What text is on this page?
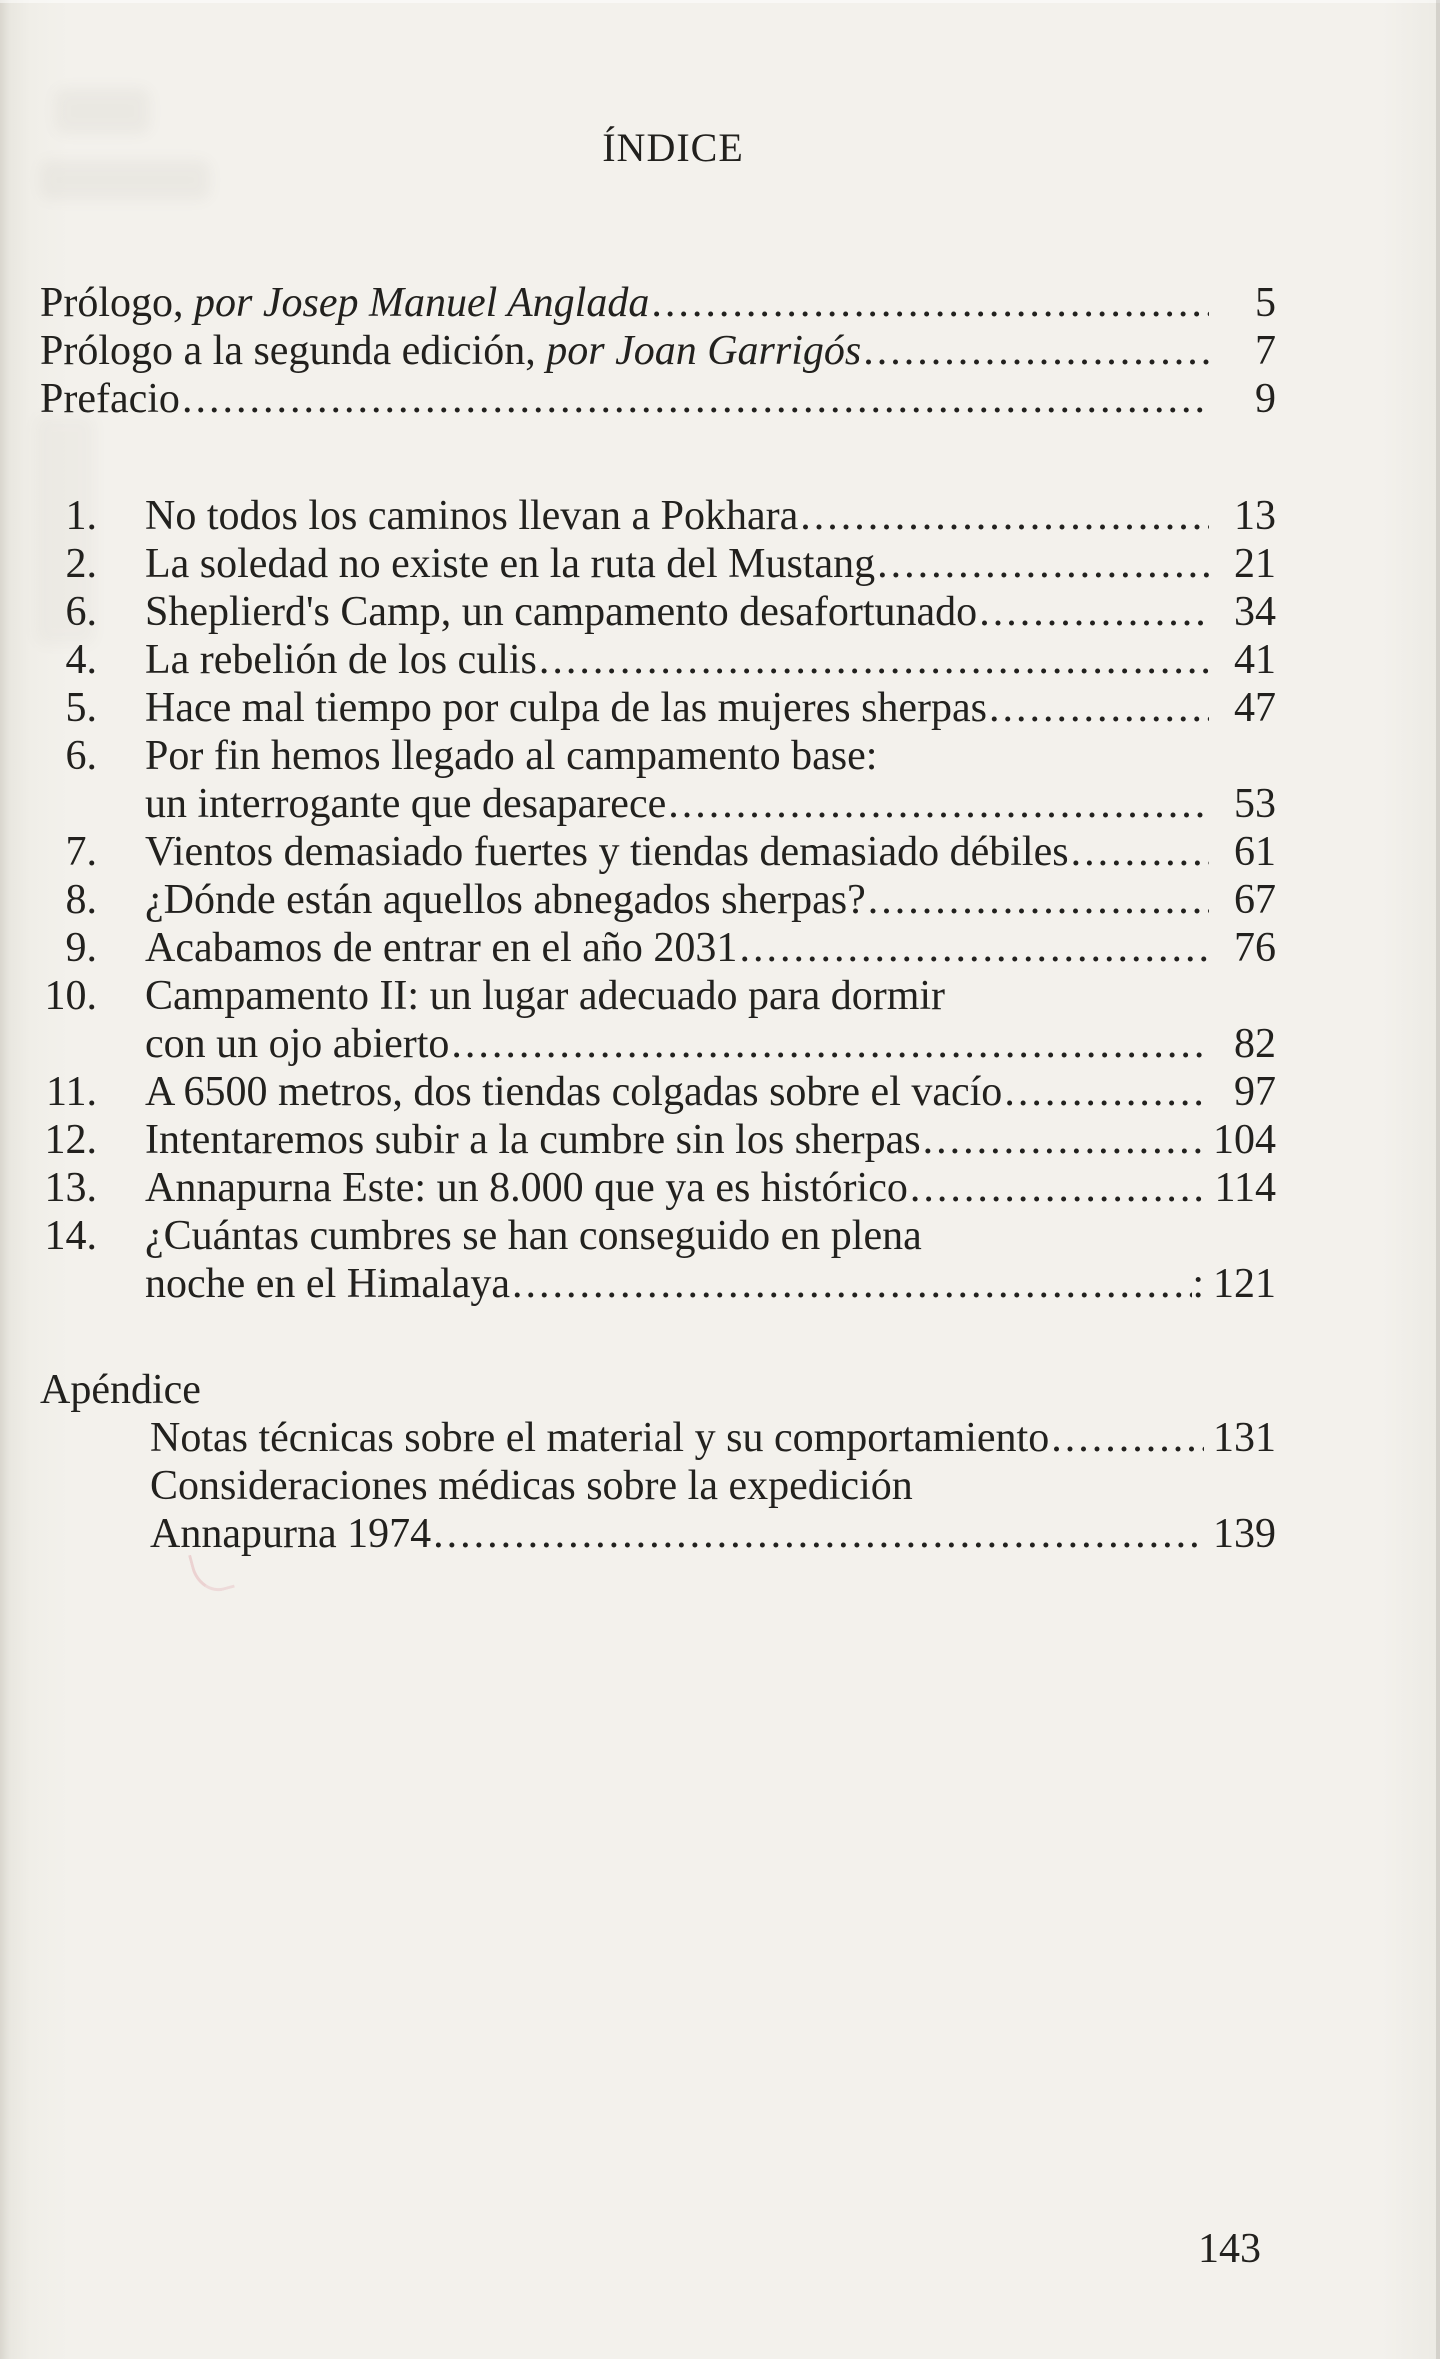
ÍNDICE
Prólogo, por Josep Manuel Anglada .....	5
Prólogo a la segunda edición, por Joan Garrigós .....	7
Prefacio .....	9
1. No todos los caminos llevan a Pokhara .....	13
2. La soledad no existe en la ruta del Mustang .....	21
6. Sheplierd's Camp, un campamento desafortunado .....	34
4. La rebelión de los culis .....	41
5. Hace mal tiempo por culpa de las mujeres sherpas .....	47
6. Por fin hemos llegado al campamento base:
un interrogante que desaparece .....	53
7. Vientos demasiado fuertes y tiendas demasiado débiles .....	61
8. ¿Dónde están aquellos abnegados sherpas? .....	67
9. Acabamos de entrar en el año 2031 .....	76
10. Campamento II: un lugar adecuado para dormir
con un ojo abierto .....	82
11. A 6500 metros, dos tiendas colgadas sobre el vacío .....	97
12. Intentaremos subir a la cumbre sin los sherpas .....	104
13. Annapurna Este: un 8.000 que ya es histórico .....	114
14. ¿Cuántas cumbres se han conseguido en plena
noche en el Himalaya .....	: 121
Apéndice
Notas técnicas sobre el material y su comportamiento .....	131
Consideraciones médicas sobre la expedición
Annapurna 1974 .....	139
143
